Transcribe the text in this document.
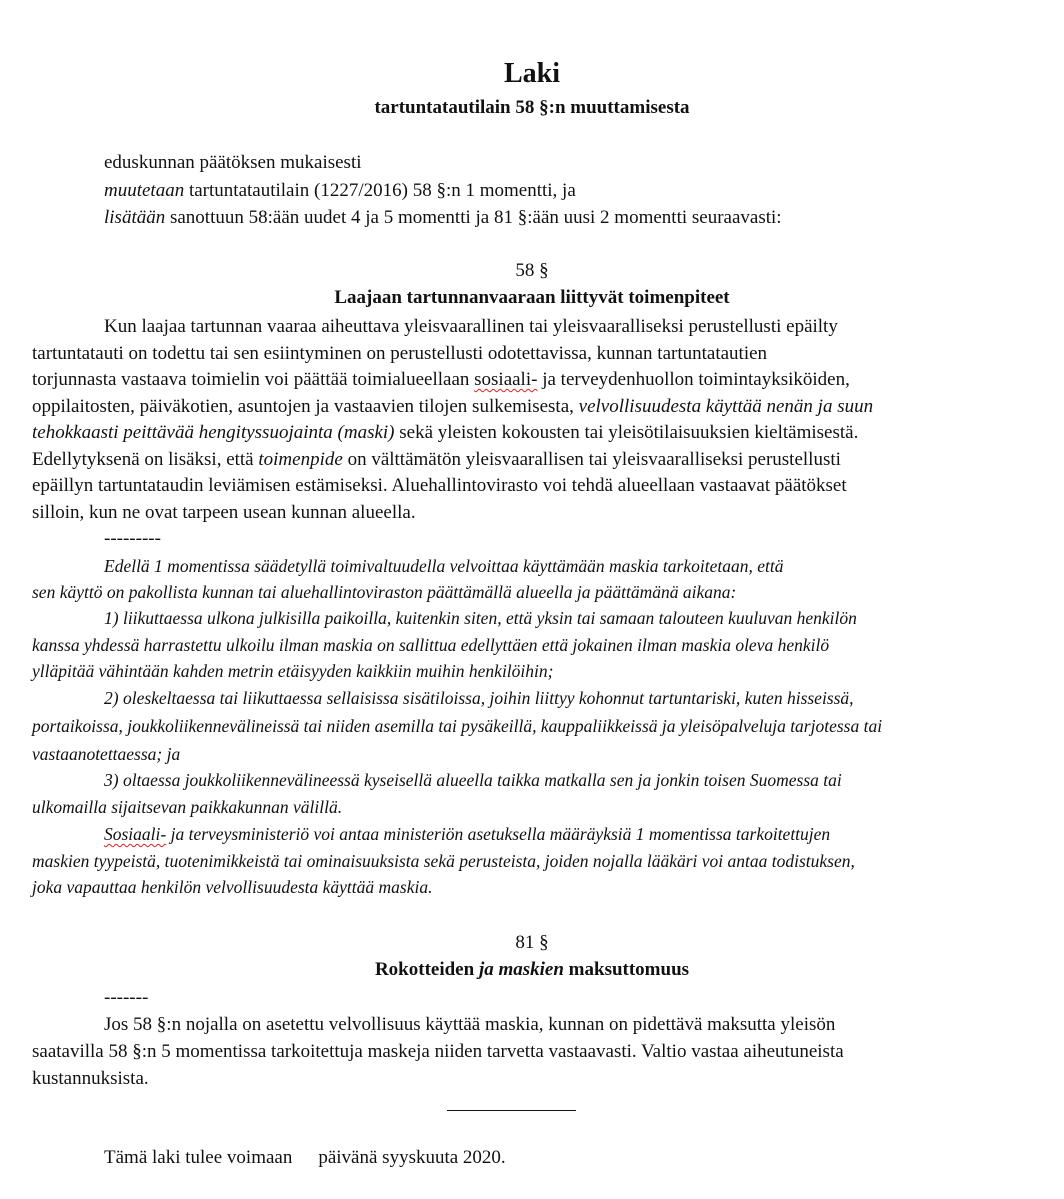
Laki
tartuntatautilain 58 §:n muuttamisesta
eduskunnan päätöksen mukaisesti
muutetaan tartuntatautilain (1227/2016) 58 §:n 1 momentti, ja
lisätään sanottuun 58:ään uudet 4 ja 5 momentti ja 81 §:ään uusi 2 momentti seuraavasti:
58 §
Laajaan tartunnanvaaraan liittyvät toimenpiteet
Kun laajaa tartunnan vaaraa aiheuttava yleisvaarallinen tai yleisvaaralliseksi perustellusti epäilty
tartuntatauti on todettu tai sen esiintyminen on perustellusti odotettavissa, kunnan tartuntatautien
torjunnasta vastaava toimielin voi päättää toimialueellaan sosiaali- ja terveydenhuollon toimintayksiköiden,
oppilaitosten, päiväkotien, asuntojen ja vastaavien tilojen sulkemisesta, velvollisuudesta käyttää nenän ja suun
tehokkaasti peittävää hengityssuojainta (maski) sekä yleisten kokousten tai yleisötilaisuuksien kieltämisestä.
Edellytyksenä on lisäksi, että toimenpide on välttämätön yleisvaarallisen tai yleisvaaralliseksi perustellusti
epäillyn tartuntataudin leviämisen estämiseksi. Aluehallintovirasto voi tehdä alueellaan vastaavat päätökset
silloin, kun ne ovat tarpeen usean kunnan alueella.
---------
Edellä 1 momentissa säädetyllä toimivaltuudella velvoittaa käyttämään maskia tarkoitetaan, että
sen käyttö on pakollista kunnan tai aluehallintoviraston päättämällä alueella ja päättämänä aikana:
1) liikuttaessa ulkona julkisilla paikoilla, kuitenkin siten, että yksin tai samaan talouteen kuuluvan henkilön
kanssa yhdessä harrastettu ulkoilu ilman maskia on sallittua edellyttäen että jokainen ilman maskia oleva henkilö
ylläpitää vähintään kahden metrin etäisyyden kaikkiin muihin henkilöihin;
2) oleskeltaessa tai liikuttaessa sellaisissa sisätiloissa, joihin liittyy kohonnut tartuntariski, kuten hisseissä,
portaikoissa, joukkoliikennevälineissä tai niiden asemilla tai pysäkeillä, kauppaliikkeissä ja yleisöpalveluja tarjotessa tai
vastaanotettaessa; ja
3) oltaessa joukkoliikennevälineessä kyseisellä alueella taikka matkalla sen ja jonkin toisen Suomessa tai
ulkomailla sijaitsevan paikkakunnan välillä.
Sosiaali- ja terveysministeriö voi antaa ministeriön asetuksella määräyksiä 1 momentissa tarkoitettujen
maskien tyypeistä, tuotenimikkeistä tai ominaisuuksista sekä perusteista, joiden nojalla lääkäri voi antaa todistuksen,
joka vapauttaa henkilön velvollisuudesta käyttää maskia.
81 §
Rokotteiden ja maskien maksuttomuus
-------
Jos 58 §:n nojalla on asetettu velvollisuus käyttää maskia, kunnan on pidettävä maksutta yleisön
saatavilla 58 §:n 5 momentissa tarkoitettuja maskeja niiden tarvetta vastaavasti. Valtio vastaa aiheutuneista
kustannuksista.
Tämä laki tulee voimaan päivänä syyskuuta 2020.
